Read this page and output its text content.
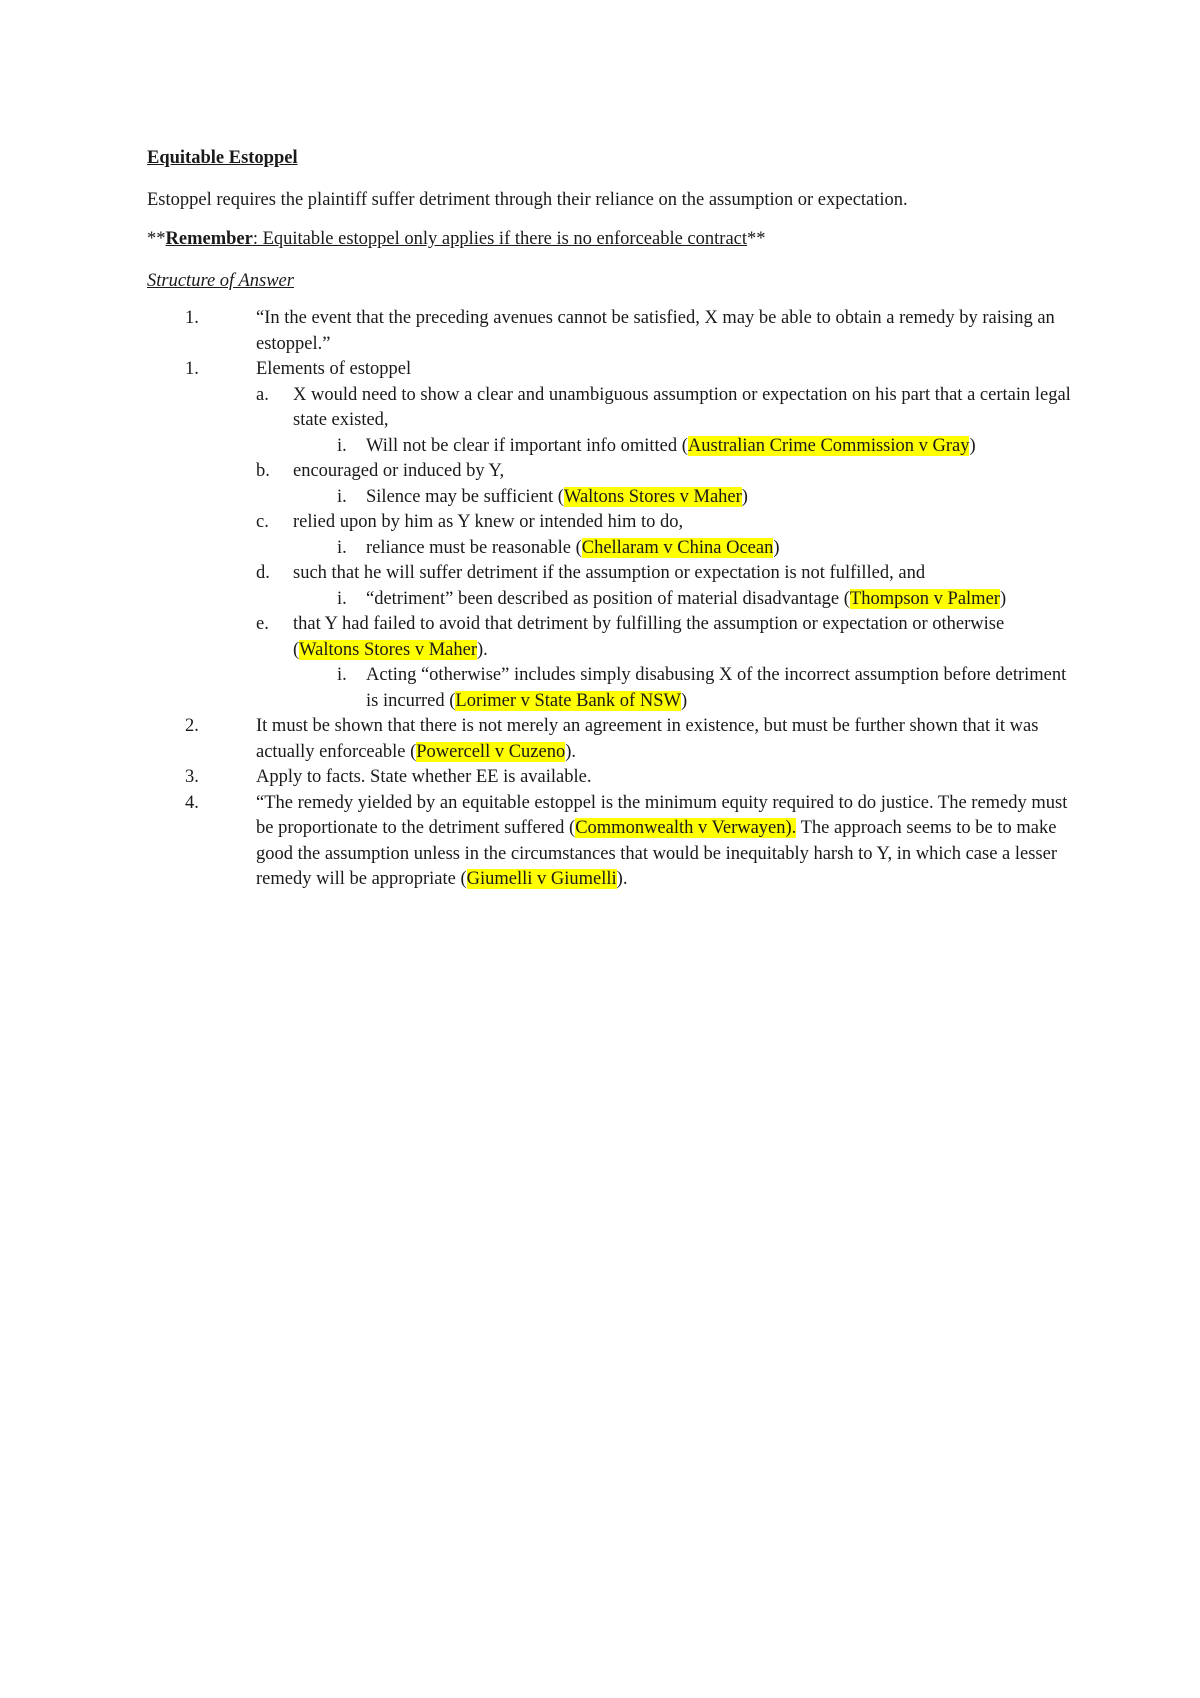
Equitable Estoppel
Estoppel requires the plaintiff suffer detriment through their reliance on the assumption or expectation.
**Remember: Equitable estoppel only applies if there is no enforceable contract**
Structure of Answer
1.	“In the event that the preceding avenues cannot be satisfied, X may be able to obtain a remedy by raising an estoppel.”
1.	Elements of estoppel
a. X would need to show a clear and unambiguous assumption or expectation on his part that a certain legal state existed,
i. Will not be clear if important info omitted (Australian Crime Commission v Gray)
b. encouraged or induced by Y,
i. Silence may be sufficient (Waltons Stores v Maher)
c. relied upon by him as Y knew or intended him to do,
i. reliance must be reasonable (Chellaram v China Ocean)
d. such that he will suffer detriment if the assumption or expectation is not fulfilled, and
i. “detriment” been described as position of material disadvantage (Thompson v Palmer)
e. that Y had failed to avoid that detriment by fulfilling the assumption or expectation or otherwise
(Waltons Stores v Maher).
i. Acting “otherwise” includes simply disabusing X of the incorrect assumption before detriment is incurred (Lorimer v State Bank of NSW)
2.	It must be shown that there is not merely an agreement in existence, but must be further shown that it was actually enforceable (Powercell v Cuzeno).
3.	Apply to facts. State whether EE is available.
4.	“The remedy yielded by an equitable estoppel is the minimum equity required to do justice. The remedy must be proportionate to the detriment suffered (Commonwealth v Verwayen). The approach seems to be to make good the assumption unless in the circumstances that would be inequitably harsh to Y, in which case a lesser remedy will be appropriate (Giumelli v Giumelli).
